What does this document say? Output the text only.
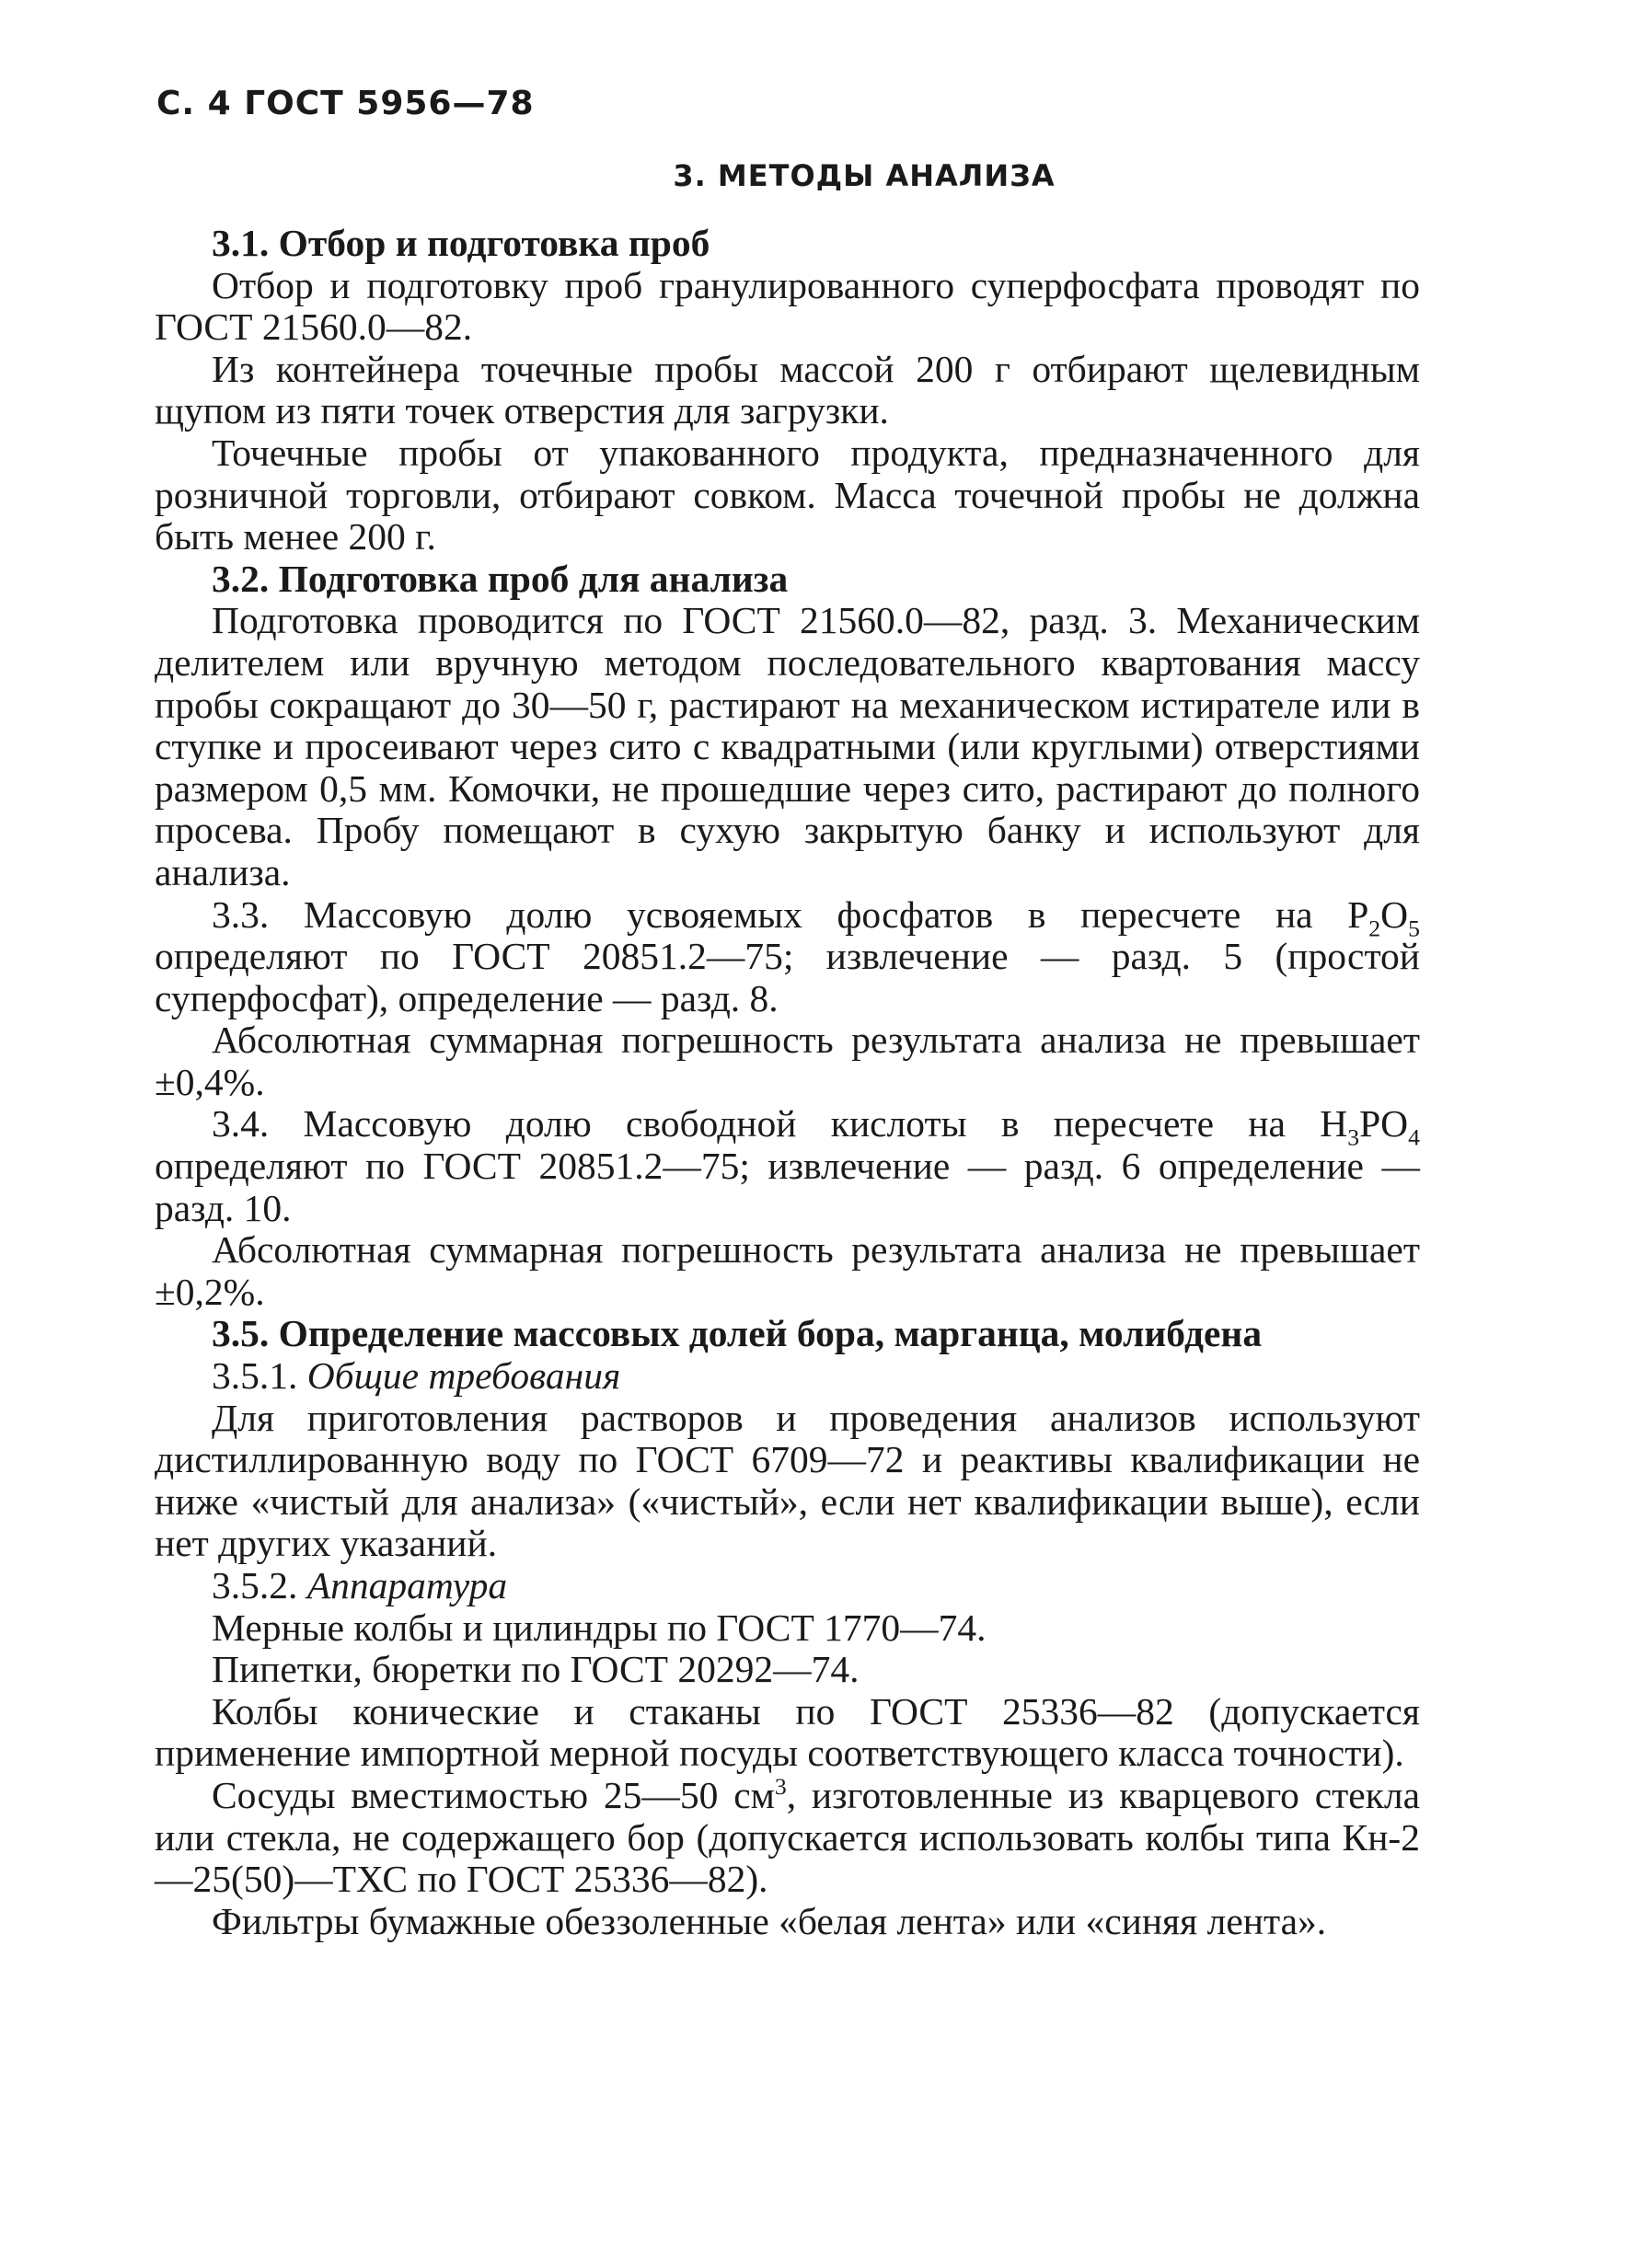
С. 4 ГОСТ 5956—78
3. МЕТОДЫ АНАЛИЗА

3.1. Отбор и подготовка проб

Отбор и подготовку проб гранулированного суперфосфата проводят по ГОСТ 21560.0—82.

Из контейнера точечные пробы массой 200 г отбирают щелевидным щупом из пяти точек отверстия для загрузки.

Точечные пробы от упакованного продукта, предназначенного для розничной торговли, отбирают совком. Масса точечной пробы не должна быть менее 200 г.

3.2. Подготовка проб для анализа

Подготовка проводится по ГОСТ 21560.0—82, разд. 3. Механическим делителем или вручную методом последовательного квартования массу пробы сокращают до 30—50 г, растирают на механическом истирателе или в ступке и просеивают через сито с квадратными (или круглыми) отверстиями размером 0,5 мм. Комочки, не прошедшие через сито, растирают до полного просева. Пробу помещают в сухую закрытую банку и используют для анализа.

3.3. Массовую долю усвояемых фосфатов в пересчете на $P_2O_5$ определяют по ГОСТ 20851.2—75; извлечение — разд. 5 (простой суперфосфат), определение — разд. 8.

Абсолютная суммарная погрешность результата анализа не превышает ±0,4%.

3.4. Массовую долю свободной кислоты в пересчете на $H_3PO_4$ определяют по ГОСТ 20851.2—75; извлечение — разд. 6 определение — разд. 10.

Абсолютная суммарная погрешность результата анализа не превышает ±0,2%.

3.5. Определение массовых долей бора, марганца, молибдена

3.5.1. Общие требования

Для приготовления растворов и проведения анализов используют дистиллированную воду по ГОСТ 6709—72 и реактивы квалификации не ниже «чистый для анализа» («чистый», если нет квалификации выше), если нет других указаний.

3.5.2. Аппаратура

Мерные колбы и цилиндры по ГОСТ 1770—74.

Пипетки, бюретки по ГОСТ 20292—74.

Колбы конические и стаканы по ГОСТ 25336—82 (допускается применение импортной мерной посуды соответствующего класса точности).

Сосуды вместимостью 25—50 $см^3$, изготовленные из кварцевого стекла или стекла, не содержащего бор (допускается использовать колбы типа Кн-2—25(50)—ТХС по ГОСТ 25336—82).

Фильтры бумажные обеззоленные «белая лента» или «синяя лента».
